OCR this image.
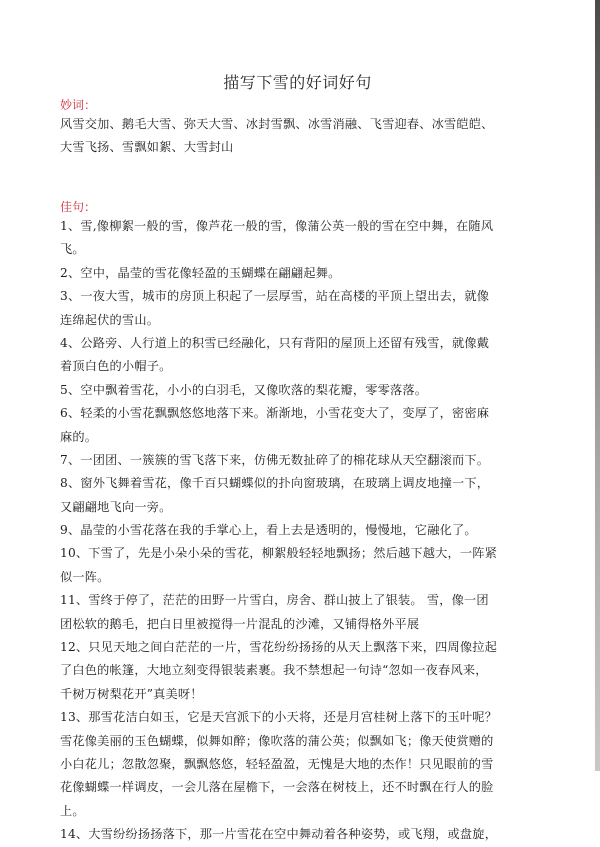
描写下雪的好词好句
妙词：
风雪交加、鹅毛大雪、弥天大雪、冰封雪飘、冰雪消融、飞雪迎春、冰雪皑皑、
大雪飞扬、雪飘如絮、大雪封山
佳句：
1、雪,像柳絮一般的雪，像芦花一般的雪，像蒲公英一般的雪在空中舞，在随风
飞。
2、空中，晶莹的雪花像轻盈的玉蝴蝶在翩翩起舞。
3、一夜大雪，城市的房顶上积起了一层厚雪，站在高楼的平顶上望出去，就像
连绵起伏的雪山。
4、公路旁、人行道上的积雪已经融化，只有背阳的屋顶上还留有残雪，就像戴
着顶白色的小帽子。
5、空中飘着雪花，小小的白羽毛，又像吹落的梨花瓣，零零落落。
6、轻柔的小雪花飘飘悠悠地落下来。渐渐地，小雪花变大了，变厚了，密密麻
麻的。
7、一团团、一簇簇的雪飞落下来，仿佛无数扯碎了的棉花球从天空翻滚而下。
8、窗外飞舞着雪花，像千百只蝴蝶似的扑向窗玻璃，在玻璃上调皮地撞一下，
又翩翩地飞向一旁。
9、晶莹的小雪花落在我的手掌心上，看上去是透明的，慢慢地，它融化了。
10、下雪了，先是小朵小朵的雪花，柳絮般轻轻地飘扬；然后越下越大，一阵紧
似一阵。
11、雪终于停了，茫茫的田野一片雪白，房舍、群山披上了银装。 雪，像一团
团松软的鹅毛，把白日里被搅得一片混乱的沙滩，又铺得格外平展
12、只见天地之间白茫茫的一片，雪花纷纷扬扬的从天上飘落下来，四周像拉起
了白色的帐篷，大地立刻变得银装素裹。我不禁想起一句诗“忽如一夜春风来，
千树万树梨花开”真美呀！
13、那雪花洁白如玉，它是天宫派下的小天将，还是月宫桂树上落下的玉叶呢？
雪花像美丽的玉色蝴蝶，似舞如醉；像吹落的蒲公英；似飘如飞；像天使赏赠的
小白花儿；忽散忽聚，飘飘悠悠，轻轻盈盈，无愧是大地的杰作！只见眼前的雪
花像蝴蝶一样调皮，一会儿落在屋檐下，一会落在树枝上，还不时飘在行人的脸
上。
14、大雪纷纷扬扬落下，那一片雪花在空中舞动着各种姿势，或飞翔，或盘旋，
